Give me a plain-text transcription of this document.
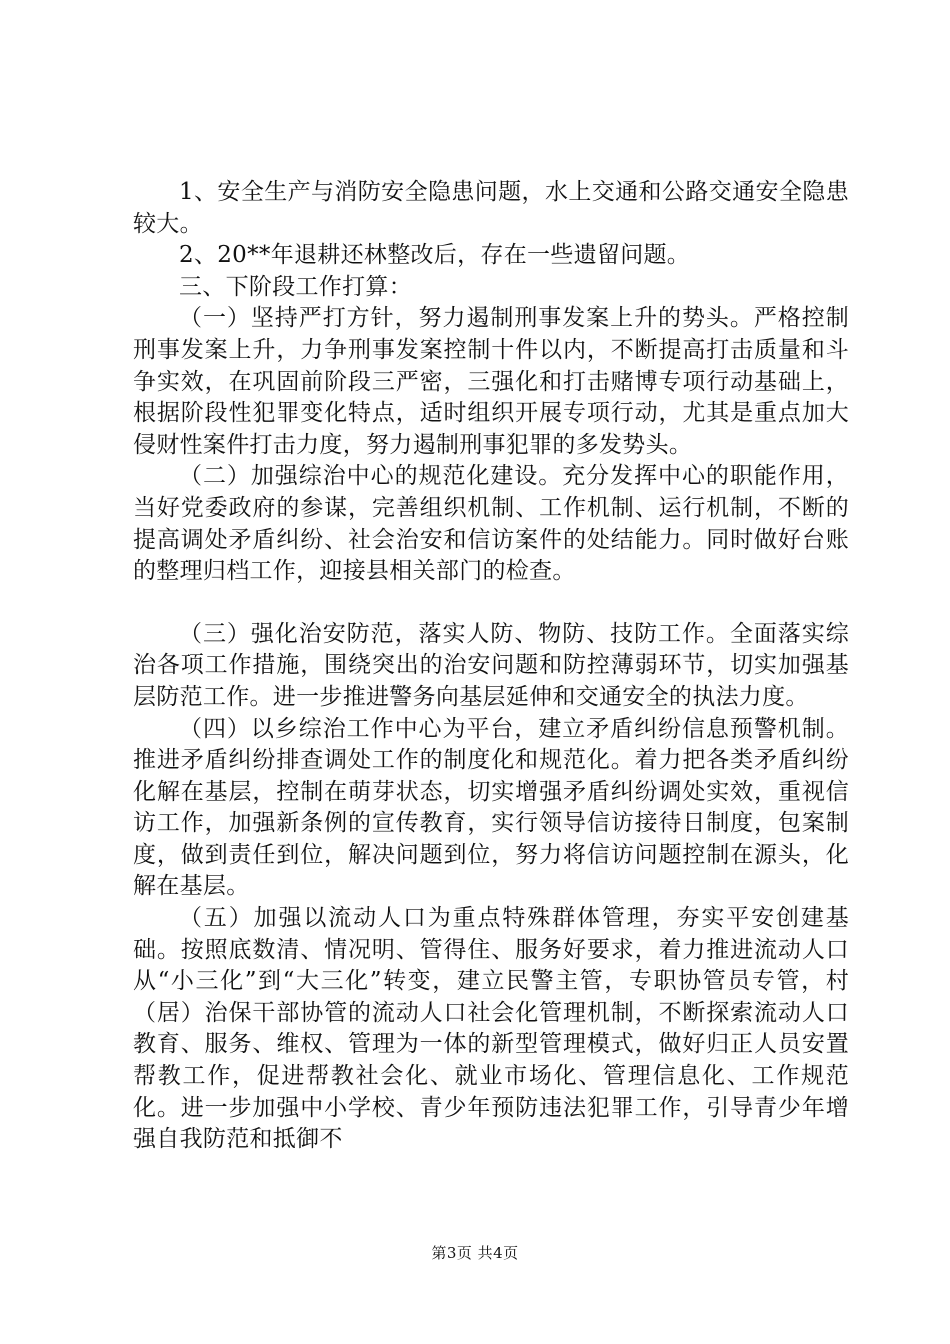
1、安全生产与消防安全隐患问题，水上交通和公路交通安全隐患较大。

2、20**年退耕还林整改后，存在一些遗留问题。

三、下阶段工作打算：

（一）坚持严打方针，努力遏制刑事发案上升的势头。严格控制刑事发案上升，力争刑事发案控制十件以内，不断提高打击质量和斗争实效，在巩固前阶段三严密，三强化和打击赌博专项行动基础上，根据阶段性犯罪变化特点，适时组织开展专项行动，尤其是重点加大侵财性案件打击力度，努力遏制刑事犯罪的多发势头。

（二）加强综治中心的规范化建设。充分发挥中心的职能作用，当好党委政府的参谋，完善组织机制、工作机制、运行机制，不断的提高调处矛盾纠纷、社会治安和信访案件的处结能力。同时做好台账的整理归档工作，迎接县相关部门的检查。

（三）强化治安防范，落实人防、物防、技防工作。全面落实综治各项工作措施，围绕突出的治安问题和防控薄弱环节，切实加强基层防范工作。进一步推进警务向基层延伸和交通安全的执法力度。

（四）以乡综治工作中心为平台，建立矛盾纠纷信息预警机制。推进矛盾纠纷排查调处工作的制度化和规范化。着力把各类矛盾纠纷化解在基层，控制在萌芽状态，切实增强矛盾纠纷调处实效，重视信访工作，加强新条例的宣传教育，实行领导信访接待日制度，包案制度，做到责任到位，解决问题到位，努力将信访问题控制在源头，化解在基层。

（五）加强以流动人口为重点特殊群体管理，夯实平安创建基础。按照底数清、情况明、管得住、服务好要求，着力推进流动人口从“小三化”到“大三化”转变，建立民警主管，专职协管员专管，村（居）治保干部协管的流动人口社会化管理机制，不断探索流动人口教育、服务、维权、管理为一体的新型管理模式，做好归正人员安置帮教工作，促进帮教社会化、就业市场化、管理信息化、工作规范化。进一步加强中小学校、青少年预防违法犯罪工作，引导青少年增强自我防范和抵御不

第3页 共4页
